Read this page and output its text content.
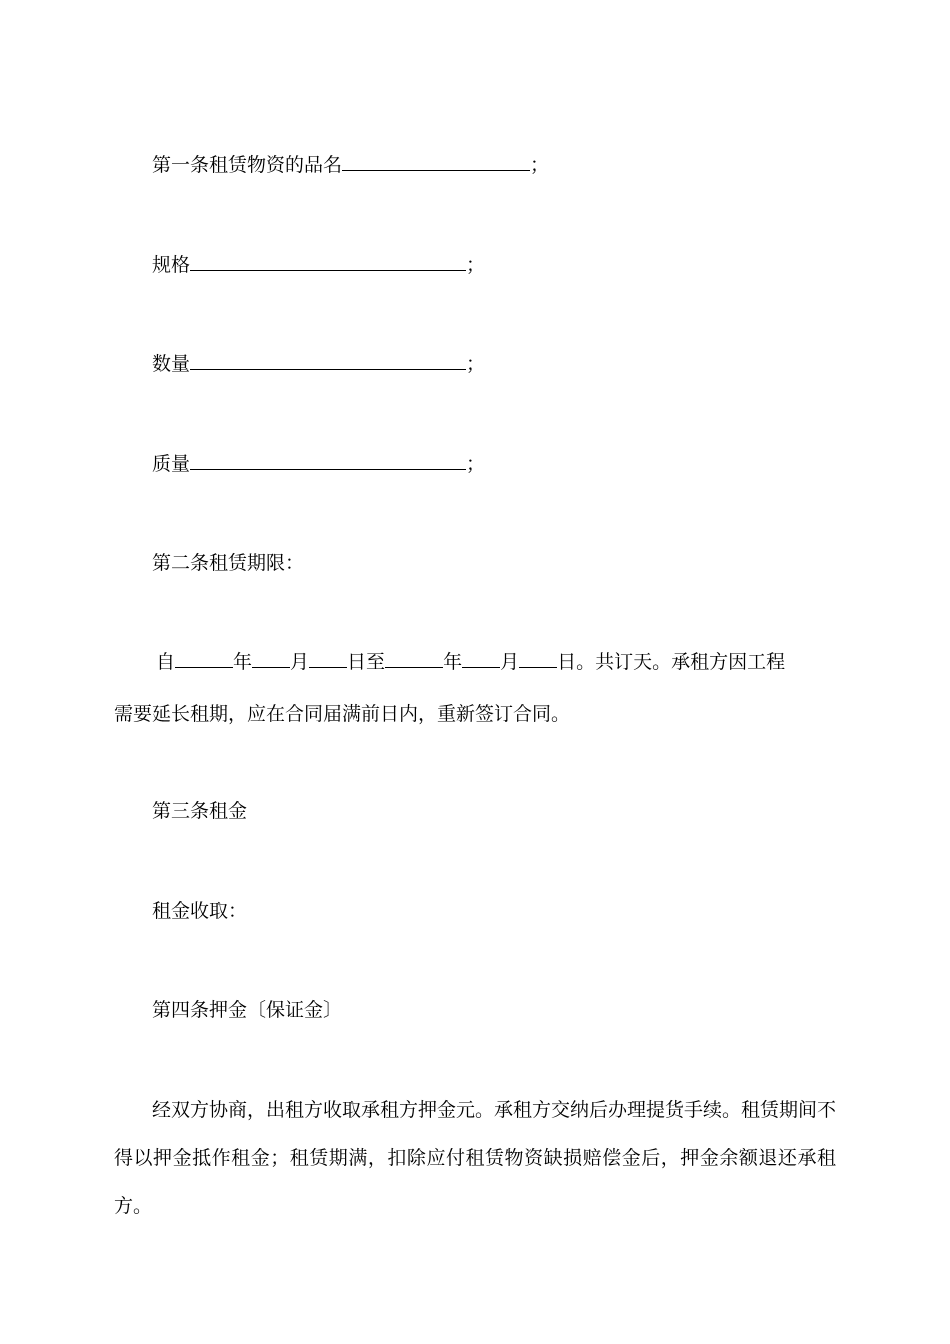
第一条租赁物资的品名	；
规格	；
数量	；
质量	；
第二条租赁期限：
自	年 月 日至	年 月 日。共订天。承租方因工程
需要延长租期，应在合同届满前日内，重新签订合同。
第三条租金
租金收取：
第四条押金〔保证金〕
经双方协商，出租方收取承租方押金元。承租方交纳后办理提货手续。租赁期间不得以押金抵作租金；租赁期满，扣除应付租赁物资缺损赔偿金后，押金余额退还承租方。
